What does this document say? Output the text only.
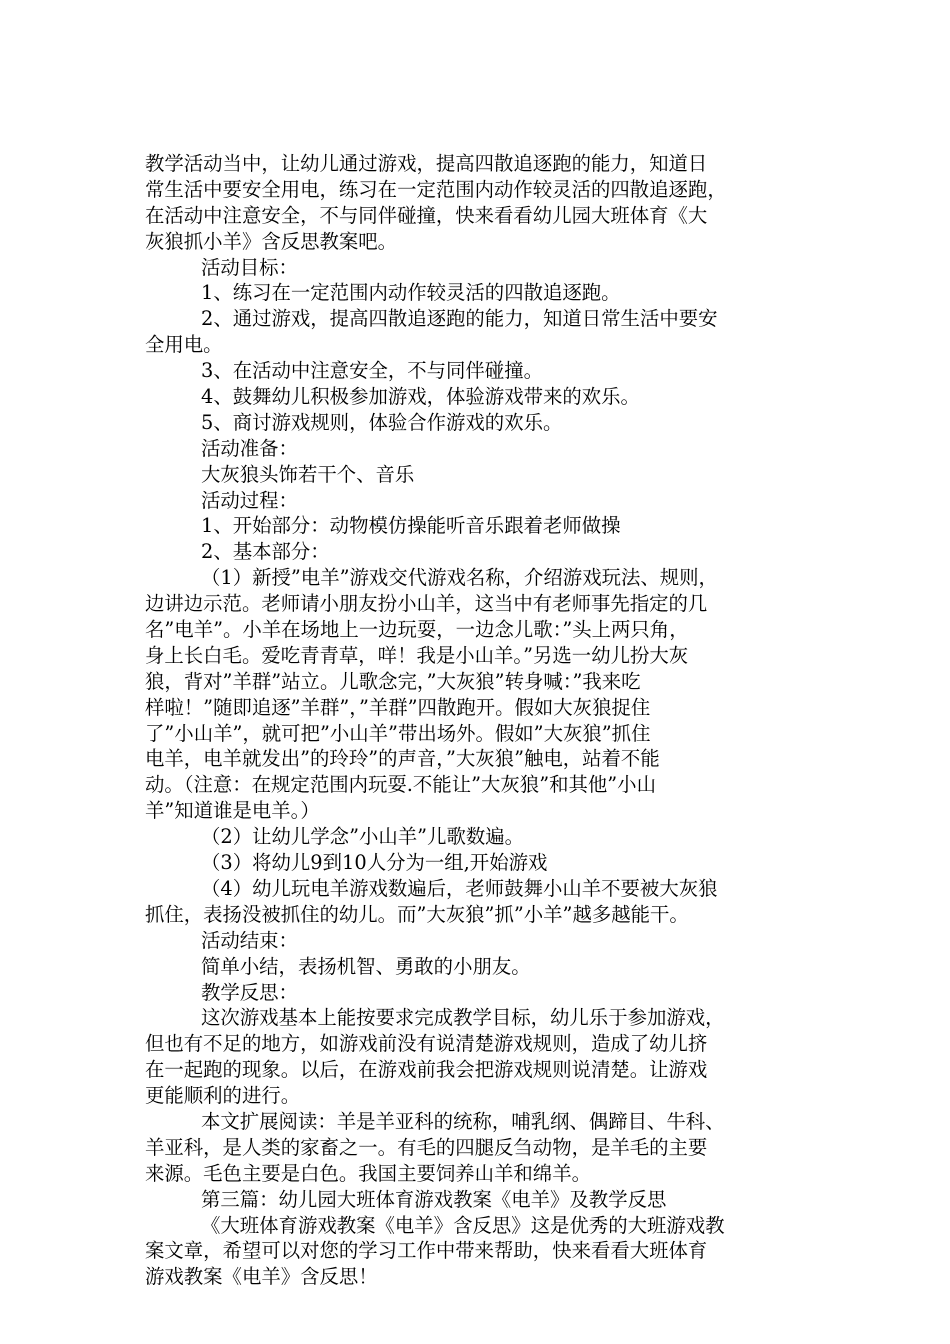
教学活动当中，让幼儿通过游戏，提高四散追逐跑的能力，知道日
常生活中要安全用电，练习在一定范围内动作较灵活的四散追逐跑，
在活动中注意安全，不与同伴碰撞，快来看看幼儿园大班体育《大
灰狼抓小羊》含反思教案吧。
活动目标：
1、练习在一定范围内动作较灵活的四散追逐跑。
2、通过游戏，提高四散追逐跑的能力，知道日常生活中要安
全用电。
3、在活动中注意安全，不与同伴碰撞。
4、鼓舞幼儿积极参加游戏，体验游戏带来的欢乐。
5、商讨游戏规则，体验合作游戏的欢乐。
活动准备：
大灰狼头饰若干个、音乐
活动过程：
1、开始部分：动物模仿操能听音乐跟着老师做操
2、基本部分：
（1）新授”电羊”游戏交代游戏名称，介绍游戏玩法、规则，
边讲边示范。老师请小朋友扮小山羊，这当中有老师事先指定的几
名”电羊”。小羊在场地上一边玩耍，一边念儿歌：”头上两只角，
身上长白毛。爱吃青青草，咩！我是小山羊。”另选一幼儿扮大灰
狼，背对”羊群”站立。儿歌念完，”大灰狼”转身喊：”我来吃
样啦！”随即追逐”羊群”，”羊群”四散跑开。假如大灰狼捉住
了”小山羊”，就可把”小山羊”带出场外。假如”大灰狼”抓住
电羊，电羊就发出”的玲玲”的声音，”大灰狼”触电，站着不能
动。（注意：在规定范围内玩耍.不能让”大灰狼”和其他”小山
羊”知道谁是电羊。）
（2）让幼儿学念”小山羊”儿歌数遍。
（3）将幼儿9到10人分为一组,开始游戏
（4）幼儿玩电羊游戏数遍后，老师鼓舞小山羊不要被大灰狼
抓住，表扬没被抓住的幼儿。而”大灰狼”抓”小羊”越多越能干。
活动结束：
简单小结，表扬机智、勇敢的小朋友。
教学反思：
这次游戏基本上能按要求完成教学目标，幼儿乐于参加游戏，
但也有不足的地方，如游戏前没有说清楚游戏规则，造成了幼儿挤
在一起跑的现象。以后，在游戏前我会把游戏规则说清楚。让游戏
更能顺利的进行。
本文扩展阅读：羊是羊亚科的统称，哺乳纲、偶蹄目、牛科、
羊亚科，是人类的家畜之一。有毛的四腿反刍动物，是羊毛的主要
来源。毛色主要是白色。我国主要饲养山羊和绵羊。
第三篇：幼儿园大班体育游戏教案《电羊》及教学反思
《大班体育游戏教案《电羊》含反思》这是优秀的大班游戏教
案文章，希望可以对您的学习工作中带来帮助，快来看看大班体育
游戏教案《电羊》含反思！
